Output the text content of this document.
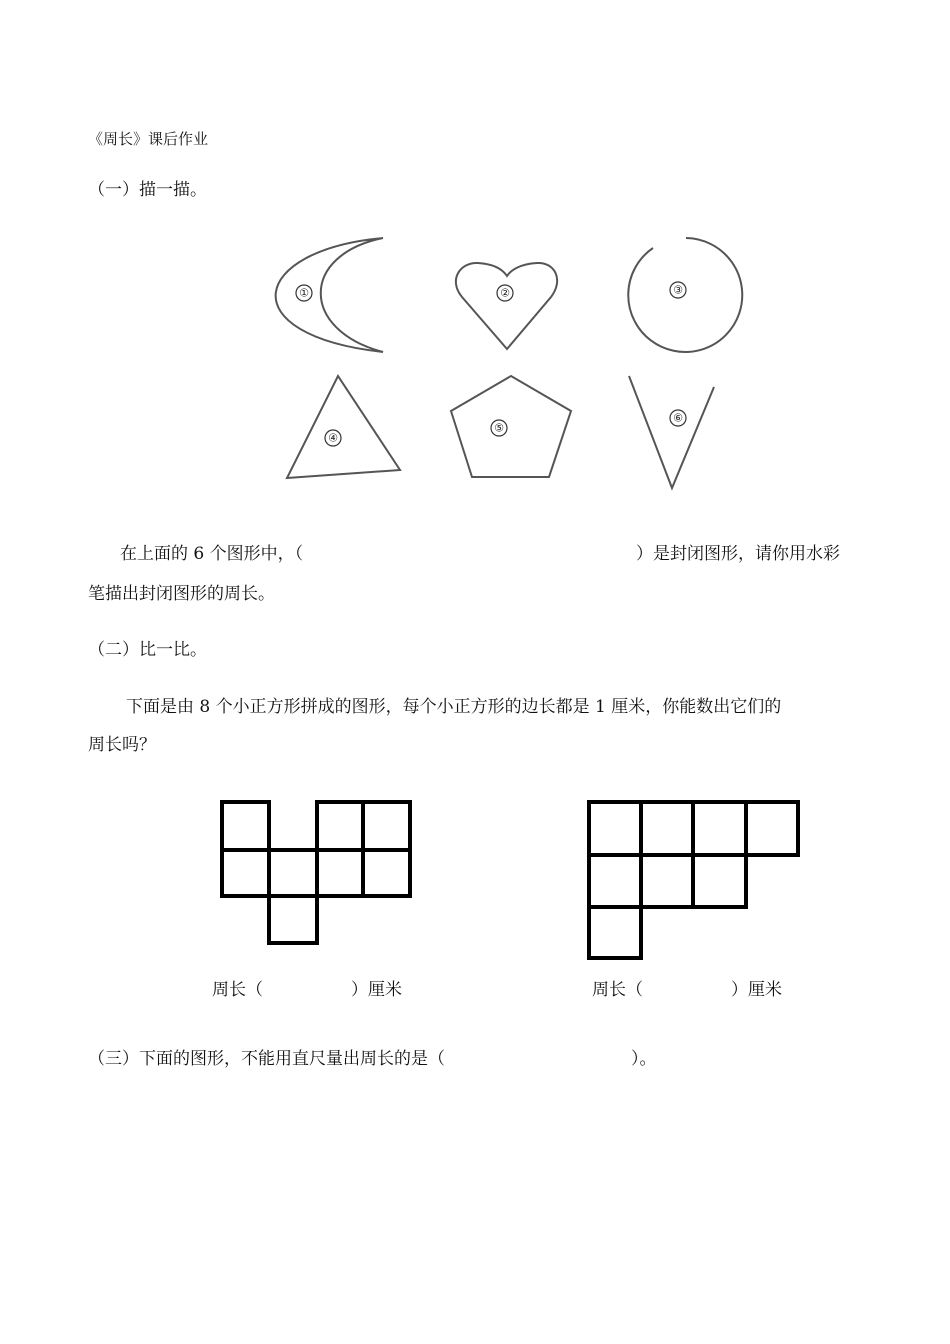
《周长》课后作业
（一）描一描。
①	②	③
④
⑤
⑥
在上面的 6 个图形中，（	）是封闭图形，请你用水彩
笔描出封闭图形的周长。
（二）比一比。
下面是由 8 个小正方形拼成的图形，每个小正方形的边长都是 1 厘米，你能数出它们的
周长吗？
周长（	）厘米	周长（	）厘米
（三）下面的图形，不能用直尺量出周长的是（	）。
